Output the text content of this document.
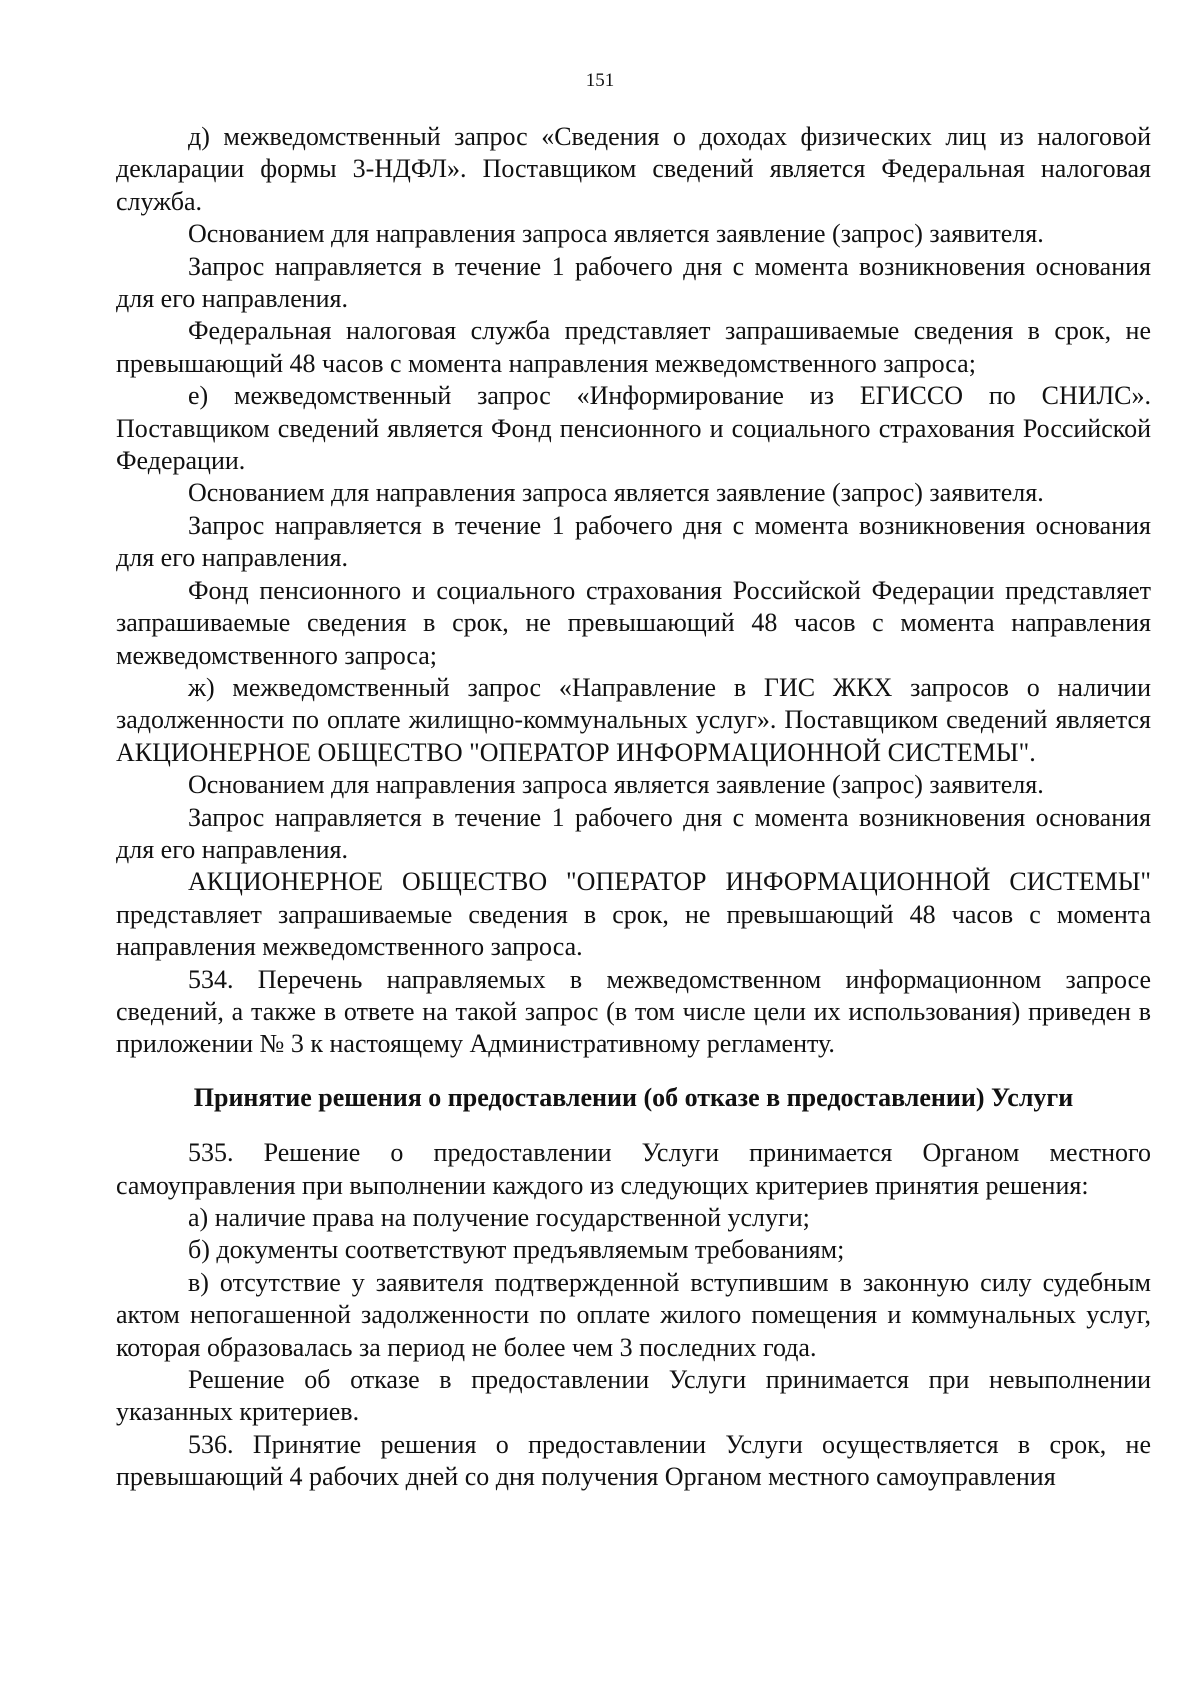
151

д) межведомственный запрос «Сведения о доходах физических лиц из налоговой декларации формы 3-НДФЛ». Поставщиком сведений является Федеральная налоговая служба.

Основанием для направления запроса является заявление (запрос) заявителя.

Запрос направляется в течение 1 рабочего дня с момента возникновения основания для его направления.

Федеральная налоговая служба представляет запрашиваемые сведения в срок, не превышающий 48 часов с момента направления межведомственного запроса;

е) межведомственный запрос «Информирование из ЕГИССО по СНИЛС». Поставщиком сведений является Фонд пенсионного и социального страхования Российской Федерации.

Основанием для направления запроса является заявление (запрос) заявителя.

Запрос направляется в течение 1 рабочего дня с момента возникновения основания для его направления.

Фонд пенсионного и социального страхования Российской Федерации представляет запрашиваемые сведения в срок, не превышающий 48 часов с момента направления межведомственного запроса;

ж) межведомственный запрос «Направление в ГИС ЖКХ запросов о наличии задолженности по оплате жилищно-коммунальных услуг». Поставщиком сведений является АКЦИОНЕРНОЕ ОБЩЕСТВО "ОПЕРАТОР ИНФОРМАЦИОННОЙ СИСТЕМЫ".

Основанием для направления запроса является заявление (запрос) заявителя.

Запрос направляется в течение 1 рабочего дня с момента возникновения основания для его направления.

АКЦИОНЕРНОЕ ОБЩЕСТВО "ОПЕРАТОР ИНФОРМАЦИОННОЙ СИСТЕМЫ" представляет запрашиваемые сведения в срок, не превышающий 48 часов с момента направления межведомственного запроса.

534. Перечень направляемых в межведомственном информационном запросе сведений, а также в ответе на такой запрос (в том числе цели их использования) приведен в приложении № 3 к настоящему Административному регламенту.

Принятие решения о предоставлении (об отказе в предоставлении) Услуги

535. Решение о предоставлении Услуги принимается Органом местного самоуправления при выполнении каждого из следующих критериев принятия решения:

а) наличие права на получение государственной услуги;

б) документы соответствуют предъявляемым требованиям;

в) отсутствие у заявителя подтвержденной вступившим в законную силу судебным актом непогашенной задолженности по оплате жилого помещения и коммунальных услуг, которая образовалась за период не более чем 3 последних года.

Решение об отказе в предоставлении Услуги принимается при невыполнении указанных критериев.

536. Принятие решения о предоставлении Услуги осуществляется в срок, не превышающий 4 рабочих дней со дня получения Органом местного самоуправления
